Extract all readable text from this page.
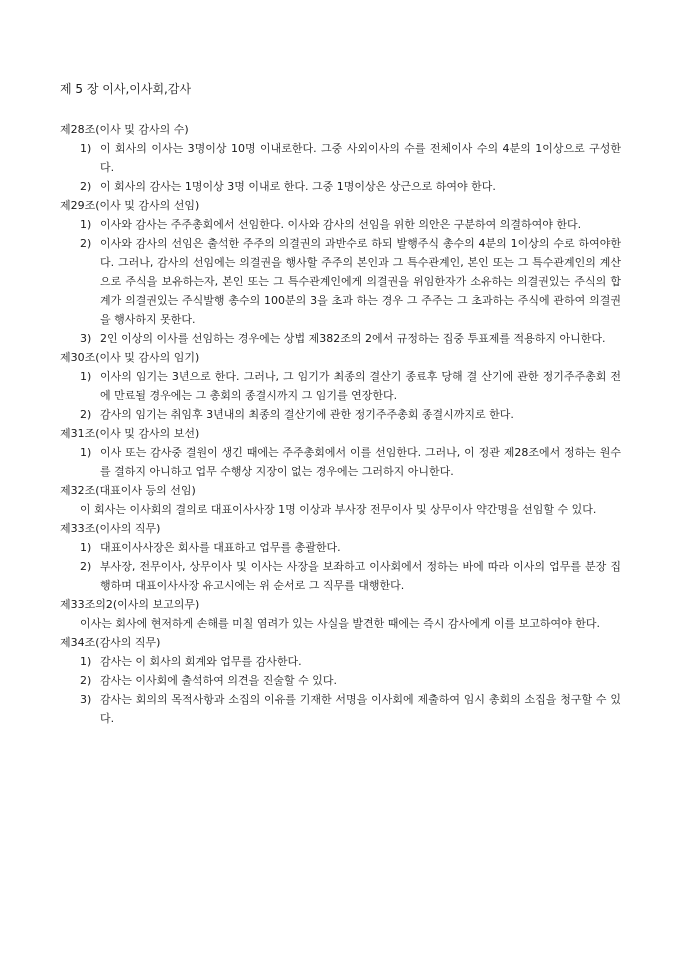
제 5 장 이사,이사회,감사
제28조(이사 및 감사의 수)
1) 이 회사의 이사는 3명이상 10명 이내로한다. 그중 사외이사의 수를 전체이사 수의 4분의 1이상으로 구성한다.
2) 이 회사의 감사는 1명이상 3명 이내로 한다. 그중 1명이상은 상근으로 하여야 한다.
제29조(이사 및 감사의 선임)
1) 이사와 감사는 주주총회에서 선임한다. 이사와 감사의 선임을 위한 의안은 구분하여 의결하여야 한다.
2) 이사와 감사의 선임은 출석한 주주의 의결권의 과반수로 하되 발행주식 총수의 4분의 1이상의 수로 하여야한다. 그러나, 감사의 선임에는 의결권을 행사할 주주의 본인과 그 특수관계인, 본인 또는 그 특수관계인의 계산으로 주식을 보유하는자, 본인 또는 그 특수관계인에게 의결권을 위임한자가 소유하는 의결권있는 주식의 합계가 의결권있는 주식발행 총수의 100분의 3을 초과 하는 경우 그 주주는 그 초과하는 주식에 관하여 의결권을 행사하지 못한다.
3) 2인 이상의 이사를 선임하는 경우에는 상법 제382조의 2에서 규정하는 집중 투표제를 적용하지 아니한다.
제30조(이사 및 감사의 임기)
1) 이사의 임기는 3년으로 한다. 그러나, 그 임기가 최종의 결산기 종료후 당해 결 산기에 관한 정기주주총회 전에 만료될 경우에는 그 총회의 종결시까지 그 임기를 연장한다.
2) 감사의 임기는 취임후 3년내의 최종의 결산기에 관한 정기주주총회 종결시까지로 한다.
제31조(이사 및 감사의 보선)
1) 이사 또는 감사중 결원이 생긴 때에는 주주총회에서 이를 선임한다. 그러나, 이 정관 제28조에서 정하는 원수를 결하지 아니하고 업무 수행상 지장이 없는 경우에는 그러하지 아니한다.
제32조(대표이사 등의 선임)
이 회사는 이사회의 결의로 대표이사사장 1명 이상과 부사장 전무이사 및 상무이사 약간명을 선임할 수 있다.
제33조(이사의 직무)
1) 대표이사사장은 회사를 대표하고 업무를 총괄한다.
2) 부사장, 전무이사, 상무이사 및 이사는 사장을 보좌하고 이사회에서 정하는 바에 따라 이사의 업무를 분장 집행하며 대표이사사장 유고시에는 위 순서로 그 직무를 대행한다.
제33조의2(이사의 보고의무)
이사는 회사에 현저하게 손해를 미칠 염려가 있는 사실을 발견한 때에는 즉시 감사에게 이를 보고하여야 한다.
제34조(감사의 직무)
1) 감사는 이 회사의 회계와 업무를 감사한다.
2) 감사는 이사회에 출석하여 의견을 진술할 수 있다.
3) 감사는 회의의 목적사항과 소집의 이유를 기재한 서명을 이사회에 제출하여 임시 총회의 소집을 청구할 수 있다.
